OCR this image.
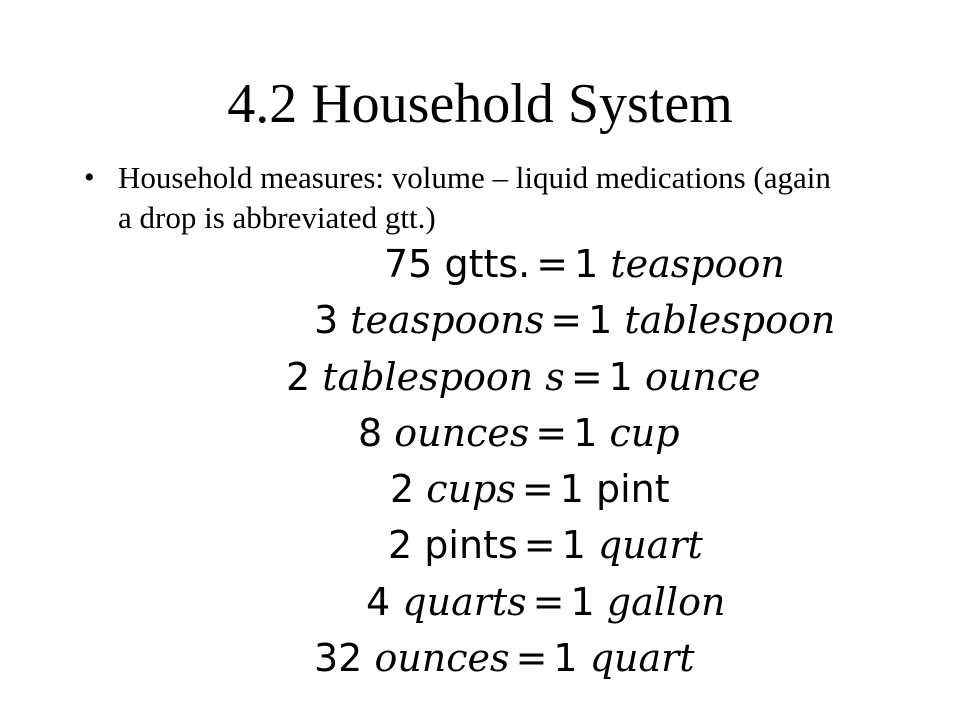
4.2 Household System
• Household measures: volume – liquid medications (again a drop is abbreviated gtt.)
75 gtts. = 1 teaspoon
3 teaspoons = 1 tablespoon
2 tablespoon s = 1 ounce
8 ounces = 1 cup
2 cups = 1 pint
2 pints = 1 quart
4 quarts = 1 gallon
32 ounces = 1 quart
